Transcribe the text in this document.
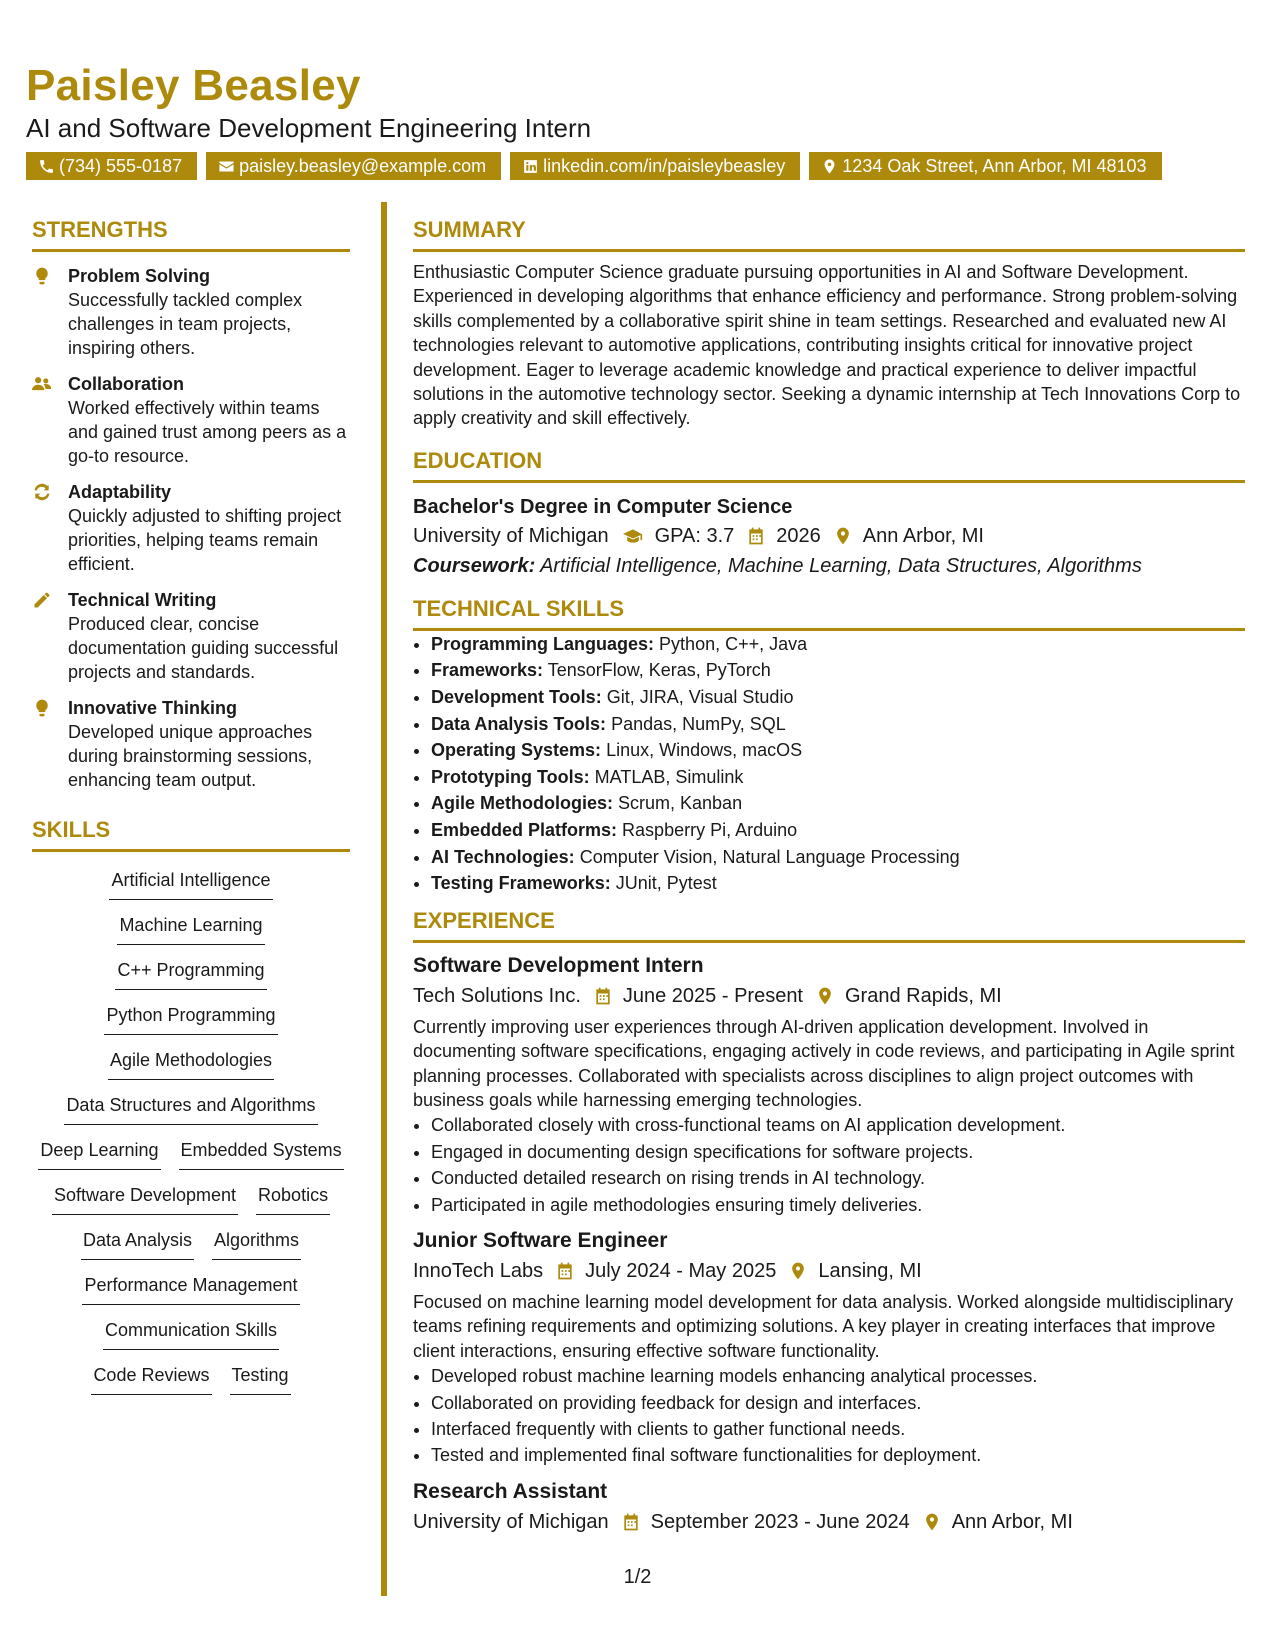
Paisley Beasley
AI and Software Development Engineering Intern
(734) 555-0187	paisley.beasley@example.com	linkedin.com/in/paisleybeasley	1234 Oak Street, Ann Arbor, MI 48103
STRENGTHS
Problem Solving
Successfully tackled complex challenges in team projects, inspiring others.
Collaboration
Worked effectively within teams and gained trust among peers as a go-to resource.
Adaptability
Quickly adjusted to shifting project priorities, helping teams remain efficient.
Technical Writing
Produced clear, concise documentation guiding successful projects and standards.
Innovative Thinking
Developed unique approaches during brainstorming sessions, enhancing team output.
SKILLS
Artificial Intelligence
Machine Learning
C++ Programming
Python Programming
Agile Methodologies
Data Structures and Algorithms
Deep Learning Embedded Systems
Software Development Robotics
Data Analysis Algorithms
Performance Management
Communication Skills
Code Reviews Testing
SUMMARY
Enthusiastic Computer Science graduate pursuing opportunities in AI and Software Development. Experienced in developing algorithms that enhance efficiency and performance. Strong problem-solving skills complemented by a collaborative spirit shine in team settings. Researched and evaluated new AI technologies relevant to automotive applications, contributing insights critical for innovative project development. Eager to leverage academic knowledge and practical experience to deliver impactful solutions in the automotive technology sector. Seeking a dynamic internship at Tech Innovations Corp to apply creativity and skill effectively.
EDUCATION
Bachelor's Degree in Computer Science
University of Michigan GPA: 3.7 2026 Ann Arbor, MI
Coursework: Artificial Intelligence, Machine Learning, Data Structures, Algorithms
TECHNICAL SKILLS
• Programming Languages: Python, C++, Java
• Frameworks: TensorFlow, Keras, PyTorch
• Development Tools: Git, JIRA, Visual Studio
• Data Analysis Tools: Pandas, NumPy, SQL
• Operating Systems: Linux, Windows, macOS
• Prototyping Tools: MATLAB, Simulink
• Agile Methodologies: Scrum, Kanban
• Embedded Platforms: Raspberry Pi, Arduino
• AI Technologies: Computer Vision, Natural Language Processing
• Testing Frameworks: JUnit, Pytest
EXPERIENCE
Software Development Intern
Tech Solutions Inc. June 2025 - Present Grand Rapids, MI
Currently improving user experiences through AI-driven application development. Involved in documenting software specifications, engaging actively in code reviews, and participating in Agile sprint planning processes. Collaborated with specialists across disciplines to align project outcomes with business goals while harnessing emerging technologies.
• Collaborated closely with cross-functional teams on AI application development.
• Engaged in documenting design specifications for software projects.
• Conducted detailed research on rising trends in AI technology.
• Participated in agile methodologies ensuring timely deliveries.
Junior Software Engineer
InnoTech Labs July 2024 - May 2025 Lansing, MI
Focused on machine learning model development for data analysis. Worked alongside multidisciplinary teams refining requirements and optimizing solutions. A key player in creating interfaces that improve client interactions, ensuring effective software functionality.
• Developed robust machine learning models enhancing analytical processes.
• Collaborated on providing feedback for design and interfaces.
• Interfaced frequently with clients to gather functional needs.
• Tested and implemented final software functionalities for deployment.
Research Assistant
University of Michigan September 2023 - June 2024 Ann Arbor, MI
1/2
